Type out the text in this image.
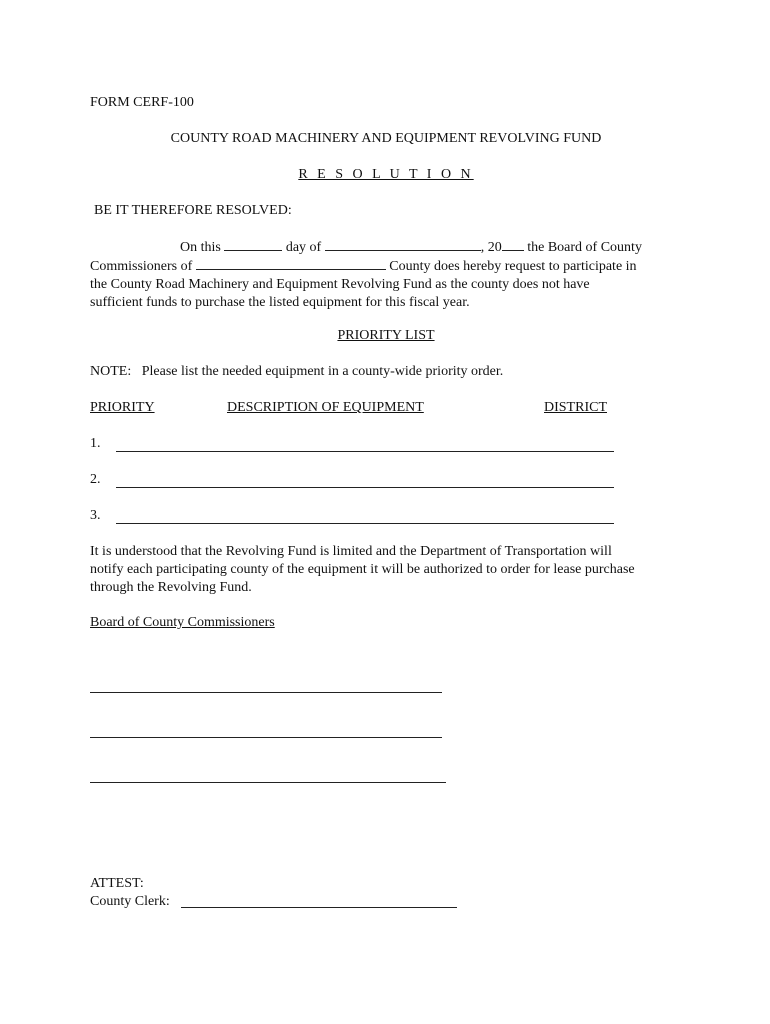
FORM CERF-100
COUNTY ROAD MACHINERY AND EQUIPMENT REVOLVING FUND
R E S O L U T I O N
BE IT THEREFORE RESOLVED:
On this	day of	, 20 the Board of County
Commissioners of	County does hereby request to participate in
the County Road Machinery and Equipment Revolving Fund as the county does not have
sufficient funds to purchase the listed equipment for this fiscal year.
PRIORITY LIST
NOTE:   Please list the needed equipment in a county-wide priority order.
PRIORITY	DESCRIPTION OF EQUIPMENT	DISTRICT
1.
2.
3.
It is understood that the Revolving Fund is limited and the Department of Transportation will
notify each participating county of the equipment it will be authorized to order for lease purchase
through the Revolving Fund.
Board of County Commissioners
ATTEST:
County Clerk:
